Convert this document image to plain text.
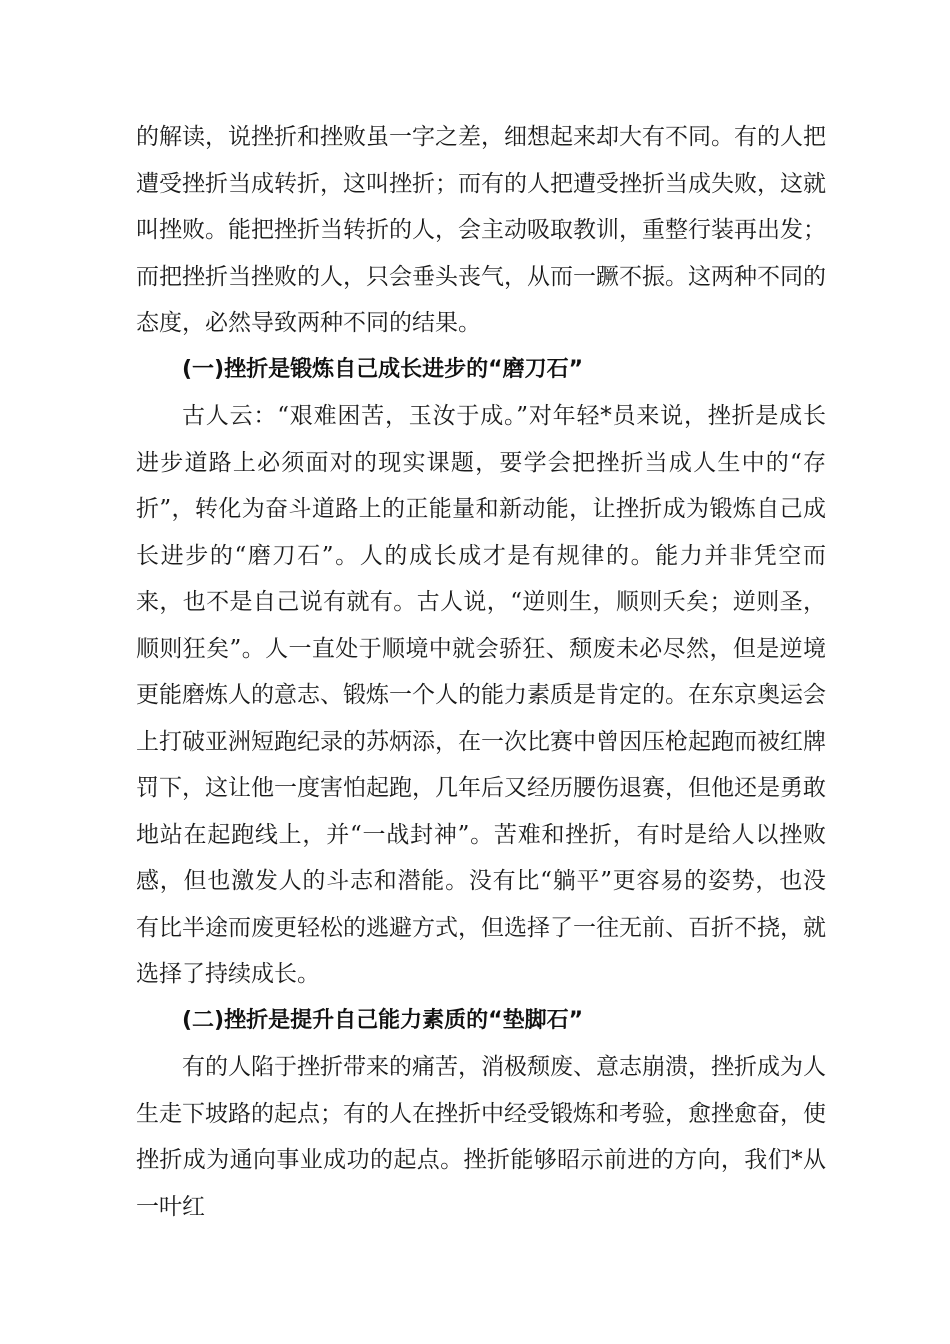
的解读，说挫折和挫败虽一字之差，细想起来却大有不同。有的人把遭受挫折当成转折，这叫挫折；而有的人把遭受挫折当成失败，这就叫挫败。能把挫折当转折的人，会主动吸取教训，重整行装再出发；而把挫折当挫败的人，只会垂头丧气，从而一蹶不振。这两种不同的态度，必然导致两种不同的结果。

(一)挫折是锻炼自己成长进步的“磨刀石”

古人云：“艰难困苦，玉汝于成。”对年轻*员来说，挫折是成长进步道路上必须面对的现实课题，要学会把挫折当成人生中的“存折”，转化为奋斗道路上的正能量和新动能，让挫折成为锻炼自己成长进步的“磨刀石”。人的成长成才是有规律的。能力并非凭空而来，也不是自己说有就有。古人说，“逆则生，顺则夭矣；逆则圣，顺则狂矣”。人一直处于顺境中就会骄狂、颓废未必尽然，但是逆境更能磨炼人的意志、锻炼一个人的能力素质是肯定的。在东京奥运会上打破亚洲短跑纪录的苏炳添，在一次比赛中曾因压枪起跑而被红牌罚下，这让他一度害怕起跑，几年后又经历腰伤退赛，但他还是勇敢地站在起跑线上，并“一战封神”。苦难和挫折，有时是给人以挫败感，但也激发人的斗志和潜能。没有比“躺平”更容易的姿势，也没有比半途而废更轻松的逃避方式，但选择了一往无前、百折不挠，就选择了持续成长。

(二)挫折是提升自己能力素质的“垫脚石”

有的人陷于挫折带来的痛苦，消极颓废、意志崩溃，挫折成为人生走下坡路的起点；有的人在挫折中经受锻炼和考验，愈挫愈奋，使挫折成为通向事业成功的起点。挫折能够昭示前进的方向，我们*从一叶红
